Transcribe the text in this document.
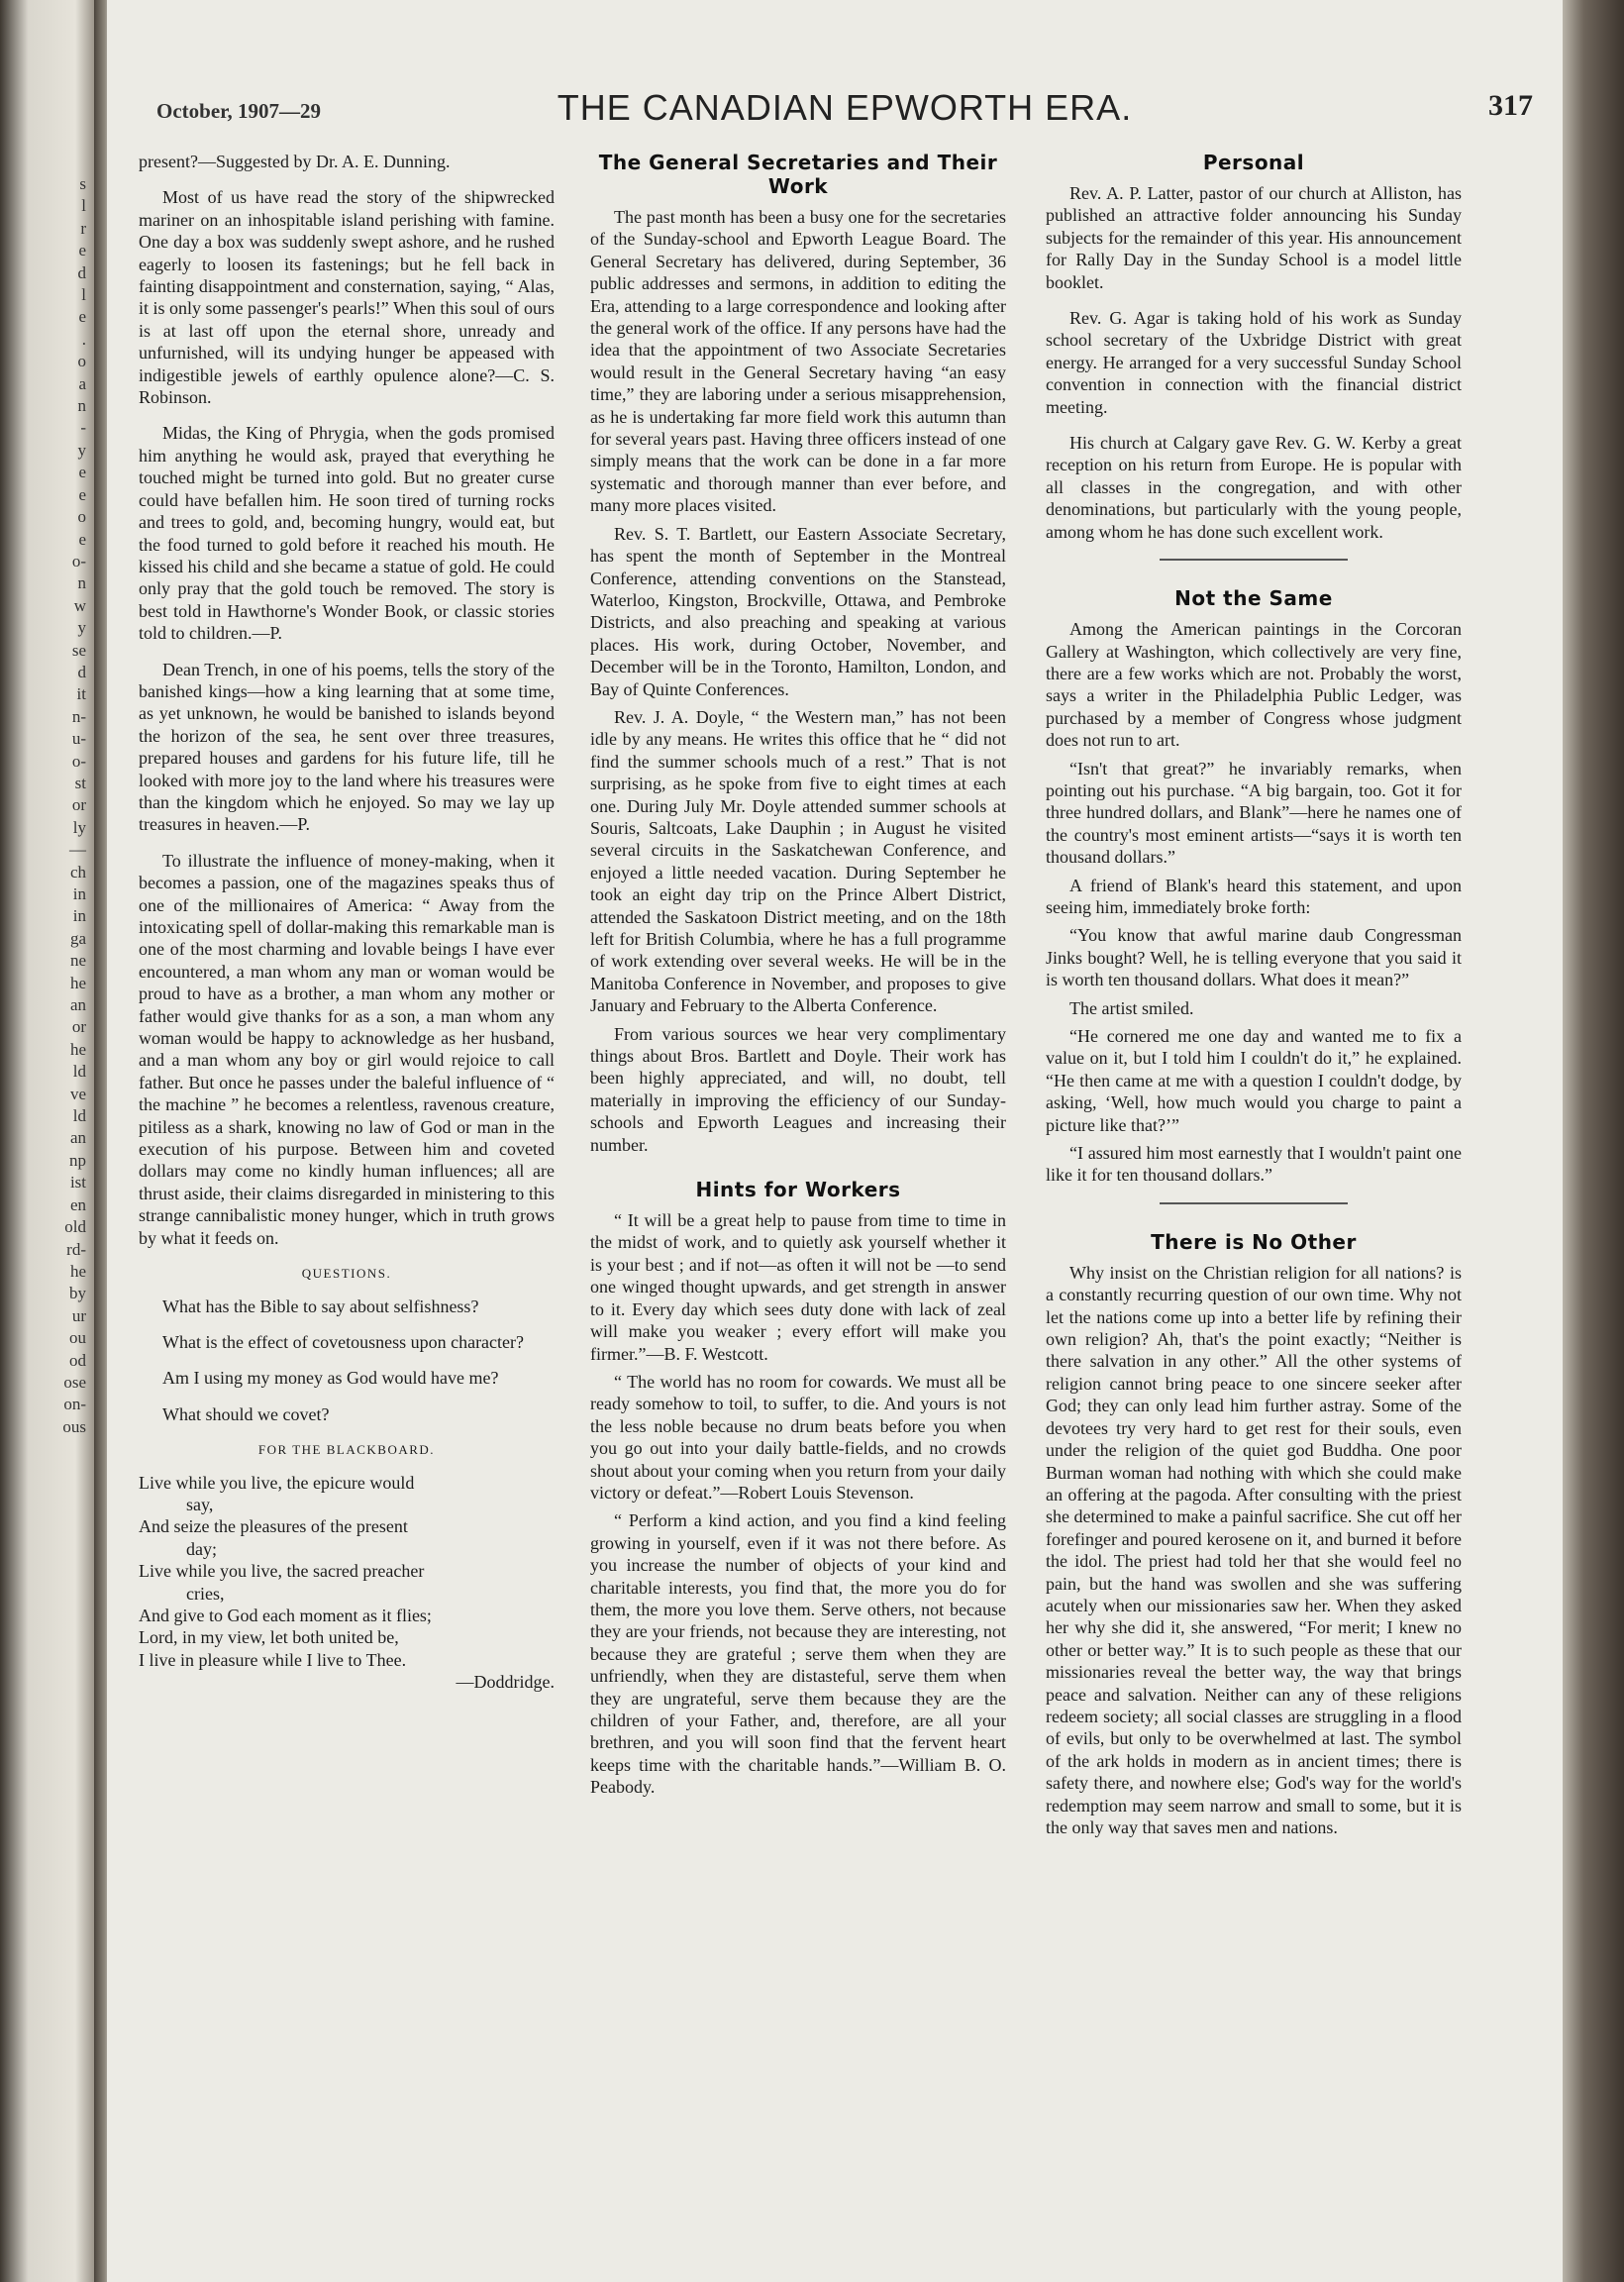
s
l
r
e
d
l
e
.
o
a
n
-
y
e
e
o
e
o-
n
w
y
se
d
it
n-
u-
o-
st
or
ly
—
ch
in
in
ga
ne
he
an
or
he
ld
ve
ld
an
np
ist
en
old
rd-
he
by
ur
ou
od
ose
on-
ous
October, 1907—29	THE CANADIAN EPWORTH ERA.	317

present?—Suggested by Dr. A. E. Dunning.

Most of us have read the story of the shipwrecked mariner on an inhospitable island perishing with famine. One day a box was suddenly swept ashore, and he rushed eagerly to loosen its fastenings; but he fell back in fainting disappointment and consternation, saying, “ Alas, it is only some passenger's pearls!” When this soul of ours is at last off upon the eternal shore, unready and unfurnished, will its undying hunger be appeased with indigestible jewels of earthly opulence alone?—C. S. Robinson.

Midas, the King of Phrygia, when the gods promised him anything he would ask, prayed that everything he touched might be turned into gold. But no greater curse could have befallen him. He soon tired of turning rocks and trees to gold, and, becoming hungry, would eat, but the food turned to gold before it reached his mouth. He kissed his child and she became a statue of gold. He could only pray that the gold touch be removed. The story is best told in Hawthorne's Wonder Book, or classic stories told to children.—P.

Dean Trench, in one of his poems, tells the story of the banished kings—how a king learning that at some time, as yet unknown, he would be banished to islands beyond the horizon of the sea, he sent over three treasures, prepared houses and gardens for his future life, till he looked with more joy to the land where his treasures were than the kingdom which he enjoyed. So may we lay up treasures in heaven.—P.

To illustrate the influence of money-making, when it becomes a passion, one of the magazines speaks thus of one of the millionaires of America: “ Away from the intoxicating spell of dollar-making this remarkable man is one of the most charming and lovable beings I have ever encountered, a man whom any man or woman would be proud to have as a brother, a man whom any mother or father would give thanks for as a son, a man whom any woman would be happy to acknowledge as her husband, and a man whom any boy or girl would rejoice to call father. But once he passes under the baleful influence of “ the machine ” he becomes a relentless, ravenous creature, pitiless as a shark, knowing no law of God or man in the execution of his purpose. Between him and coveted dollars may come no kindly human influences; all are thrust aside, their claims disregarded in ministering to this strange cannibalistic money hunger, which in truth grows by what it feeds on.

QUESTIONS.

What has the Bible to say about selfishness?

What is the effect of covetousness upon character?

Am I using my money as God would have me?

What should we covet?

FOR THE BLACKBOARD.
Live while you live, the epicure would
say,
And seize the pleasures of the present
day;
Live while you live, the sacred preacher
cries,
And give to God each moment as it flies;
Lord, in my view, let both united be,
I live in pleasure while I live to Thee.
—Doddridge.
The General Secretaries and Their Work

The past month has been a busy one for the secretaries of the Sunday-school and Epworth League Board. The General Secretary has delivered, during September, 36 public addresses and sermons, in addition to editing the Era, attending to a large correspondence and looking after the general work of the office. If any persons have had the idea that the appointment of two Associate Secretaries would result in the General Secretary having “an easy time,” they are laboring under a serious misapprehension, as he is undertaking far more field work this autumn than for several years past. Having three officers instead of one simply means that the work can be done in a far more systematic and thorough manner than ever before, and many more places visited.

Rev. S. T. Bartlett, our Eastern Associate Secretary, has spent the month of September in the Montreal Conference, attending conventions on the Stanstead, Waterloo, Kingston, Brockville, Ottawa, and Pembroke Districts, and also preaching and speaking at various places. His work, during October, November, and December will be in the Toronto, Hamilton, London, and Bay of Quinte Conferences.

Rev. J. A. Doyle, “ the Western man,” has not been idle by any means. He writes this office that he “ did not find the summer schools much of a rest.” That is not surprising, as he spoke from five to eight times at each one. During July Mr. Doyle attended summer schools at Souris, Saltcoats, Lake Dauphin ; in August he visited several circuits in the Saskatchewan Conference, and enjoyed a little needed vacation. During September he took an eight day trip on the Prince Albert District, attended the Saskatoon District meeting, and on the 18th left for British Columbia, where he has a full programme of work extending over several weeks. He will be in the Manitoba Conference in November, and proposes to give January and February to the Alberta Conference.

From various sources we hear very complimentary things about Bros. Bartlett and Doyle. Their work has been highly appreciated, and will, no doubt, tell materially in improving the efficiency of our Sunday-schools and Epworth Leagues and increasing their number.

Hints for Workers

“ It will be a great help to pause from time to time in the midst of work, and to quietly ask yourself whether it is your best ; and if not—as often it will not be —to send one winged thought upwards, and get strength in answer to it. Every day which sees duty done with lack of zeal will make you weaker ; every effort will make you firmer.”—B. F. Westcott.

“ The world has no room for cowards. We must all be ready somehow to toil, to suffer, to die. And yours is not the less noble because no drum beats before you when you go out into your daily battle-fields, and no crowds shout about your coming when you return from your daily victory or defeat.”—Robert Louis Stevenson.

“ Perform a kind action, and you find a kind feeling growing in yourself, even if it was not there before. As you increase the number of objects of your kind and charitable interests, you find that, the more you do for them, the more you love them. Serve others, not because they are your friends, not because they are interesting, not because they are grateful ; serve them when they are unfriendly, when they are distasteful, serve them when they are ungrateful, serve them because they are the children of your Father, and, therefore, are all your brethren, and you will soon find that the fervent heart keeps time with the charitable hands.”—William B. O. Peabody.

Personal

Rev. A. P. Latter, pastor of our church at Alliston, has published an attractive folder announcing his Sunday subjects for the remainder of this year. His announcement for Rally Day in the Sunday School is a model little booklet.

Rev. G. Agar is taking hold of his work as Sunday school secretary of the Uxbridge District with great energy. He arranged for a very successful Sunday School convention in connection with the financial district meeting.

His church at Calgary gave Rev. G. W. Kerby a great reception on his return from Europe. He is popular with all classes in the congregation, and with other denominations, but particularly with the young people, among whom he has done such excellent work.

Not the Same

Among the American paintings in the Corcoran Gallery at Washington, which collectively are very fine, there are a few works which are not. Probably the worst, says a writer in the Philadelphia Public Ledger, was purchased by a member of Congress whose judgment does not run to art.

“Isn't that great?” he invariably remarks, when pointing out his purchase. “A big bargain, too. Got it for three hundred dollars, and Blank”—here he names one of the country's most eminent artists—“says it is worth ten thousand dollars.”

A friend of Blank's heard this statement, and upon seeing him, immediately broke forth:

“You know that awful marine daub Congressman Jinks bought? Well, he is telling everyone that you said it is worth ten thousand dollars. What does it mean?”

The artist smiled.

“He cornered me one day and wanted me to fix a value on it, but I told him I couldn't do it,” he explained. “He then came at me with a question I couldn't dodge, by asking, ‘Well, how much would you charge to paint a picture like that?’”

“I assured him most earnestly that I wouldn't paint one like it for ten thousand dollars.”

There is No Other

Why insist on the Christian religion for all nations? is a constantly recurring question of our own time. Why not let the nations come up into a better life by refining their own religion? Ah, that's the point exactly; “Neither is there salvation in any other.” All the other systems of religion cannot bring peace to one sincere seeker after God; they can only lead him further astray. Some of the devotees try very hard to get rest for their souls, even under the religion of the quiet god Buddha. One poor Burman woman had nothing with which she could make an offering at the pagoda. After consulting with the priest she determined to make a painful sacrifice. She cut off her forefinger and poured kerosene on it, and burned it before the idol. The priest had told her that she would feel no pain, but the hand was swollen and she was suffering acutely when our missionaries saw her. When they asked her why she did it, she answered, “For merit; I knew no other or better way.” It is to such people as these that our missionaries reveal the better way, the way that brings peace and salvation. Neither can any of these religions redeem society; all social classes are struggling in a flood of evils, but only to be overwhelmed at last. The symbol of the ark holds in modern as in ancient times; there is safety there, and nowhere else; God's way for the world's redemption may seem narrow and small to some, but it is the only way that saves men and nations.
